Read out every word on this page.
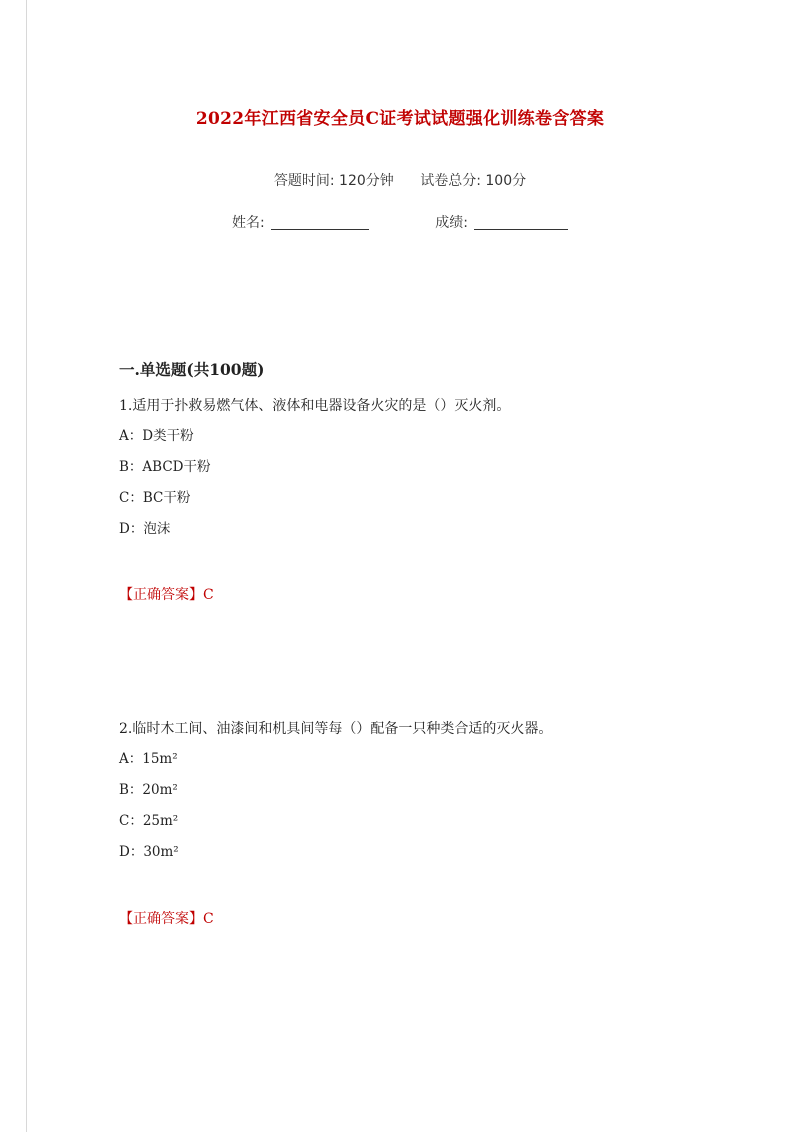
2022年江西省安全员C证考试试题强化训练卷含答案
答题时间: 120分钟 试卷总分: 100分
姓名:	成绩:
一.单选题(共100题)
1.适用于扑救易燃气体、液体和电器设备火灾的是（）灭火剂。
A：D类干粉
B：ABCD干粉
C：BC干粉
D：泡沫
【正确答案】C
2.临时木工间、油漆间和机具间等每（）配备一只种类合适的灭火器。
A：15m²
B：20m²
C：25m²
D：30m²
【正确答案】C
